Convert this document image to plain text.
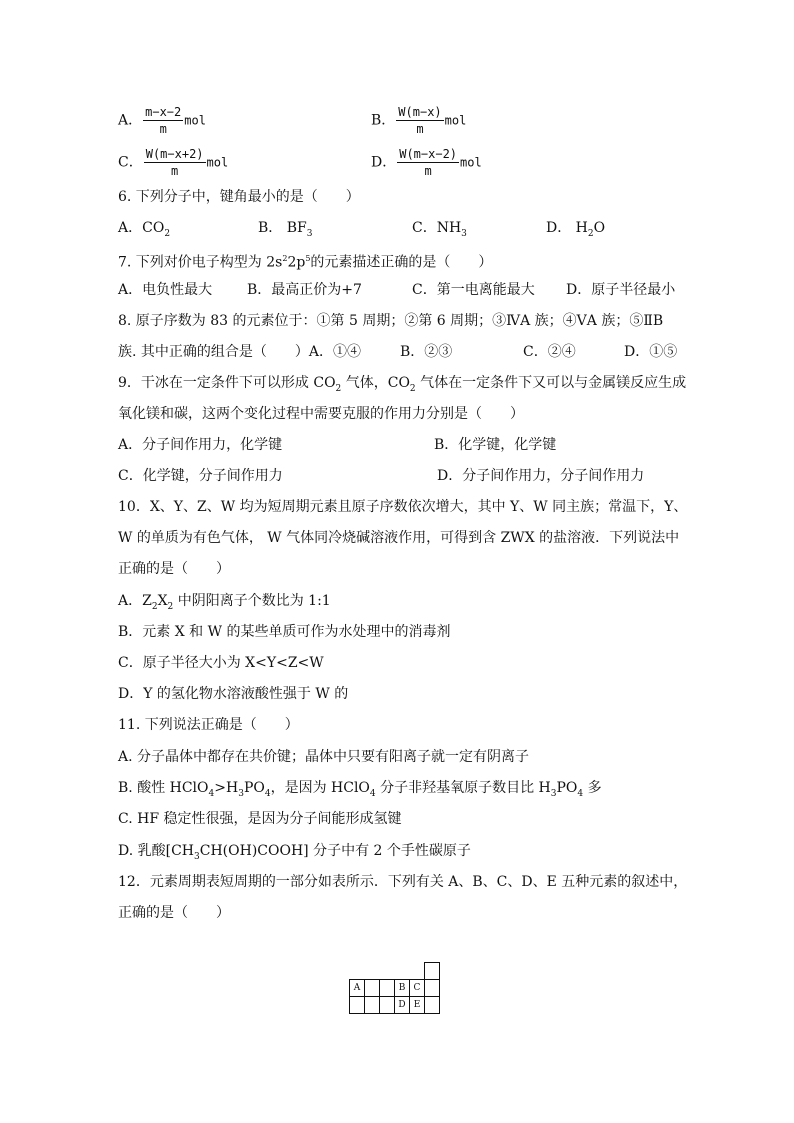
A． $\frac{m-x-2}{m}$ mol	B． $\frac{W(m-x)}{m}$ mol
C． $\frac{W(m-x+2)}{m}$ mol	D． $\frac{W(m-x-2)}{m}$ mol
6. 下列分子中，键角最小的是（　　）
A．$CO_2$	B． $BF_3$	C．$NH_3$	D． $H_2O$
7. 下列对价电子构型为 $2s^22p^5$的元素描述正确的是（　　）
A．电负性最大 B．最高正价为+7	C．第一电离能最大 D．原子半径最小
8. 原子序数为 83 的元素位于：①第 5 周期；②第 6 周期；③ⅣA 族；④ⅤA 族；⑤ⅡB
族. 其中正确的组合是（　　）A．①④	B．②③	C．②④	D．①⑤
9．干冰在一定条件下可以形成 $CO_2$ 气体，$CO_2$ 气体在一定条件下又可以与金属镁反应生成
氧化镁和碳，这两个变化过程中需要克服的作用力分别是（　　）
A．分子间作用力，化学键	B．化学键，化学键
C．化学键，分子间作用力	D．分子间作用力，分子间作用力
10．X、Y、Z、W 均为短周期元素且原子序数依次增大，其中 Y、W 同主族；常温下，Y、
W 的单质为有色气体， W 气体同冷烧碱溶液作用，可得到含 ZWX 的盐溶液．下列说法中
正确的是（　　）
A．$Z_2X_2$ 中阴阳离子个数比为 1:1
B．元素 X 和 W 的某些单质可作为水处理中的消毒剂
C．原子半径大小为 X<Y<Z<W
D．Y 的氢化物水溶液酸性强于 W 的
11. 下列说法正确是（　　）
A. 分子晶体中都存在共价键；晶体中只要有阳离子就一定有阴离子
B. 酸性 $HClO_4>H_3PO_4$，是因为 HClO$_4$ 分子非羟基氧原子数目比 $H_3PO_4$ 多
C. HF 稳定性很强，是因为分子间能形成氢键
D. 乳酸$[CH_3CH(OH)COOH]$ 分子中有 2 个手性碳原子
12．元素周期表短周期的一部分如表所示．下列有关 A、B、C、D、E 五种元素的叙述中，
正确的是（　　）

A			B	C	
			D	E	
